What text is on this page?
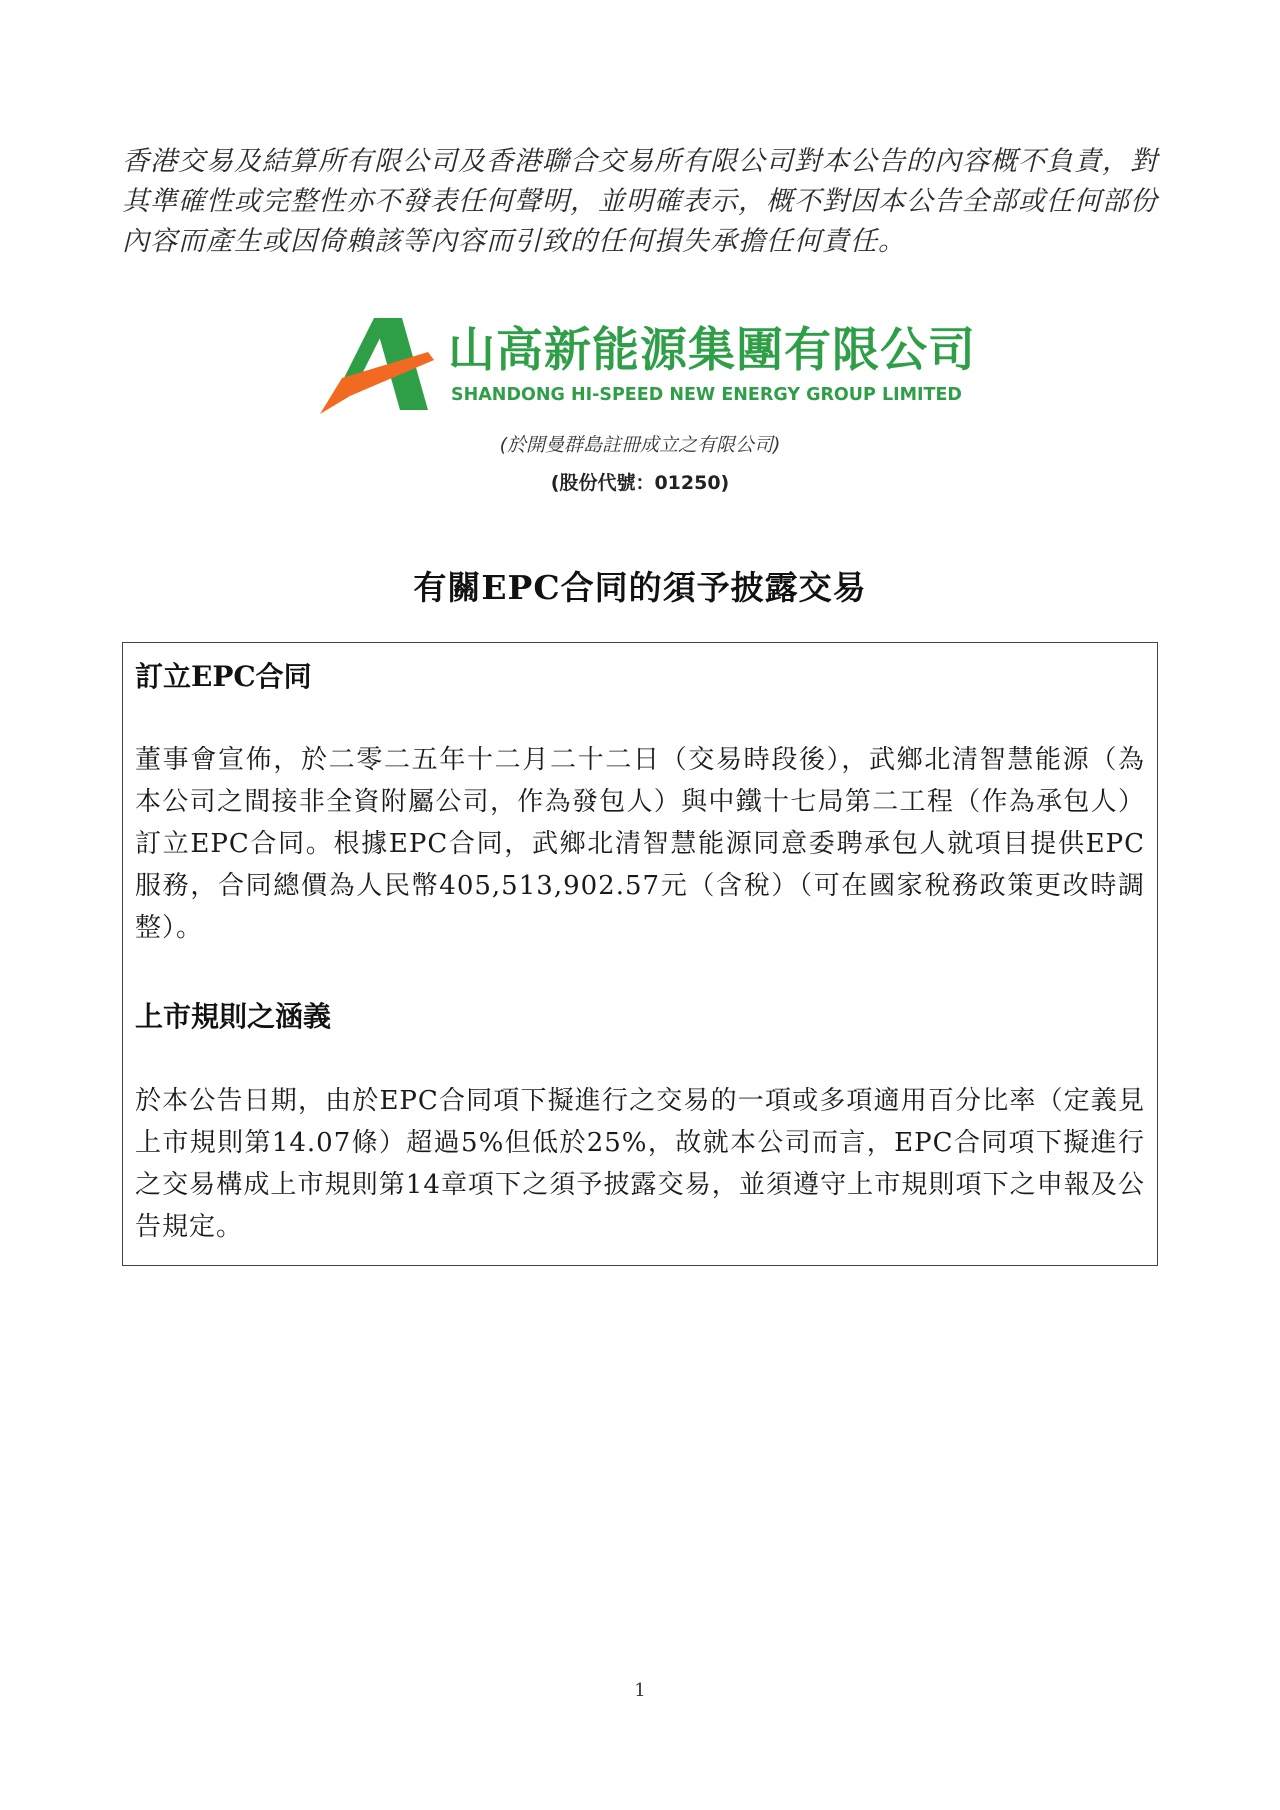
香港交易及結算所有限公司及香港聯合交易所有限公司對本公告的內容概不負責，對其準確性或完整性亦不發表任何聲明，並明確表示，概不對因本公告全部或任何部份內容而產生或因倚賴該等內容而引致的任何損失承擔任何責任。
山高新能源集團有限公司
SHANDONG HI-SPEED NEW ENERGY GROUP LIMITED
(於開曼群島註冊成立之有限公司)
(股份代號：01250)
有關EPC合同的須予披露交易
訂立EPC合同
董事會宣佈，於二零二五年十二月二十二日（交易時段後），武鄉北清智慧能源（為本公司之間接非全資附屬公司，作為發包人）與中鐵十七局第二工程（作為承包人）訂立EPC合同。根據EPC合同，武鄉北清智慧能源同意委聘承包人就項目提供EPC服務，合同總價為人民幣405,513,902.57元（含稅）（可在國家稅務政策更改時調整）。
上市規則之涵義
於本公告日期，由於EPC合同項下擬進行之交易的一項或多項適用百分比率（定義見上市規則第14.07條）超過5%但低於25%，故就本公司而言，EPC合同項下擬進行之交易構成上市規則第14章項下之須予披露交易，並須遵守上市規則項下之申報及公告規定。
1
